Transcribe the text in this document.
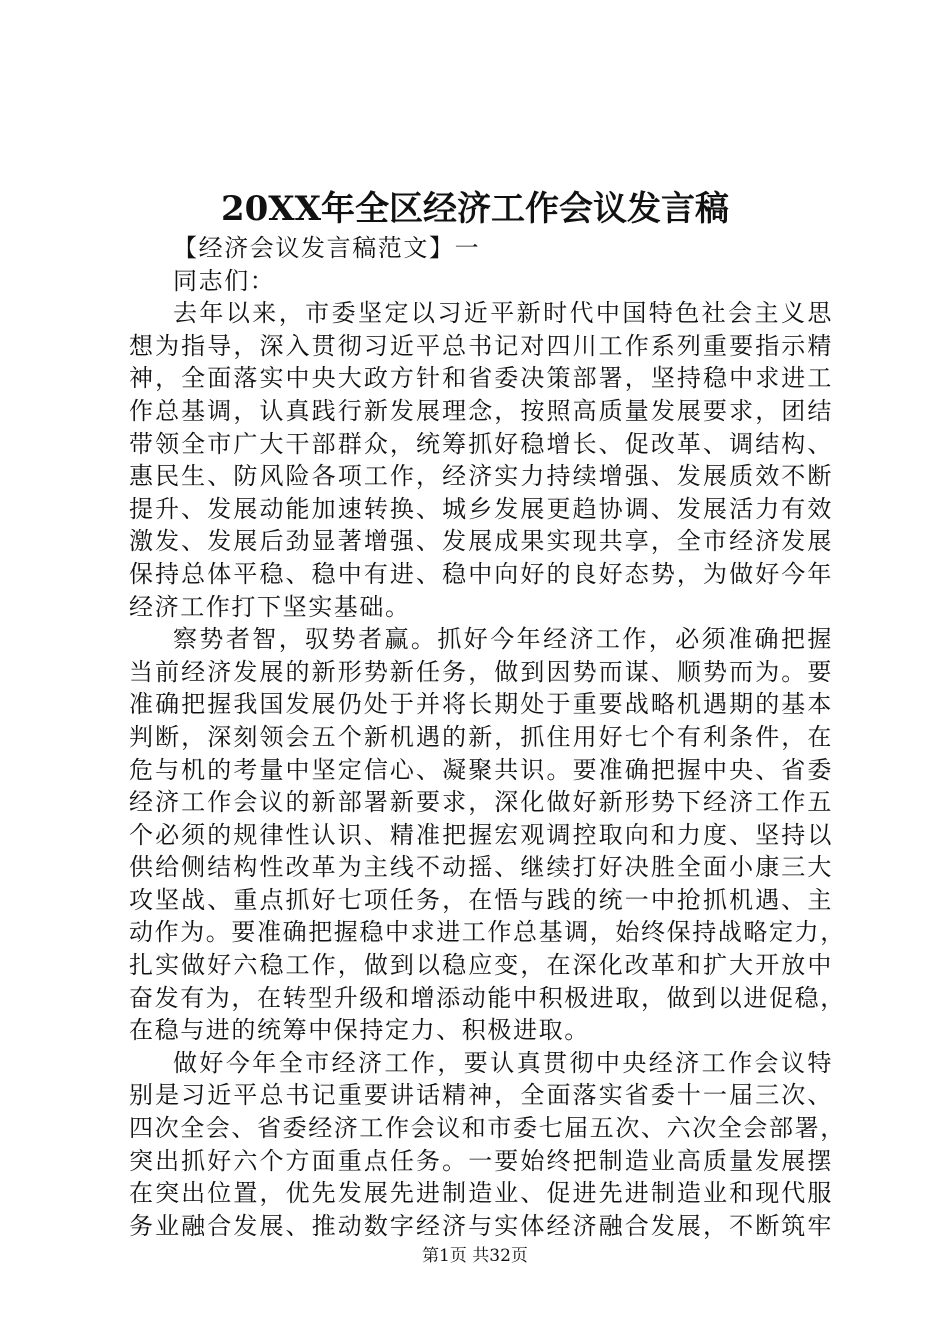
20XX年全区经济工作会议发言稿
【经济会议发言稿范文】一
同志们：
去年以来，市委坚定以习近平新时代中国特色社会主义思
想为指导，深入贯彻习近平总书记对四川工作系列重要指示精
神，全面落实中央大政方针和省委决策部署，坚持稳中求进工
作总基调，认真践行新发展理念，按照高质量发展要求，团结
带领全市广大干部群众，统筹抓好稳增长、促改革、调结构、
惠民生、防风险各项工作，经济实力持续增强、发展质效不断
提升、发展动能加速转换、城乡发展更趋协调、发展活力有效
激发、发展后劲显著增强、发展成果实现共享，全市经济发展
保持总体平稳、稳中有进、稳中向好的良好态势，为做好今年
经济工作打下坚实基础。
察势者智，驭势者赢。抓好今年经济工作，必须准确把握
当前经济发展的新形势新任务，做到因势而谋、顺势而为。要
准确把握我国发展仍处于并将长期处于重要战略机遇期的基本
判断，深刻领会五个新机遇的新，抓住用好七个有利条件，在
危与机的考量中坚定信心、凝聚共识。要准确把握中央、省委
经济工作会议的新部署新要求，深化做好新形势下经济工作五
个必须的规律性认识、精准把握宏观调控取向和力度、坚持以
供给侧结构性改革为主线不动摇、继续打好决胜全面小康三大
攻坚战、重点抓好七项任务，在悟与践的统一中抢抓机遇、主
动作为。要准确把握稳中求进工作总基调，始终保持战略定力，
扎实做好六稳工作，做到以稳应变，在深化改革和扩大开放中
奋发有为，在转型升级和增添动能中积极进取，做到以进促稳，
在稳与进的统筹中保持定力、积极进取。
做好今年全市经济工作，要认真贯彻中央经济工作会议特
别是习近平总书记重要讲话精神，全面落实省委十一届三次、
四次全会、省委经济工作会议和市委七届五次、六次全会部署，
突出抓好六个方面重点任务。一要始终把制造业高质量发展摆
在突出位置，优先发展先进制造业、促进先进制造业和现代服
务业融合发展、推动数字经济与实体经济融合发展，不断筑牢
第1页 共32页
